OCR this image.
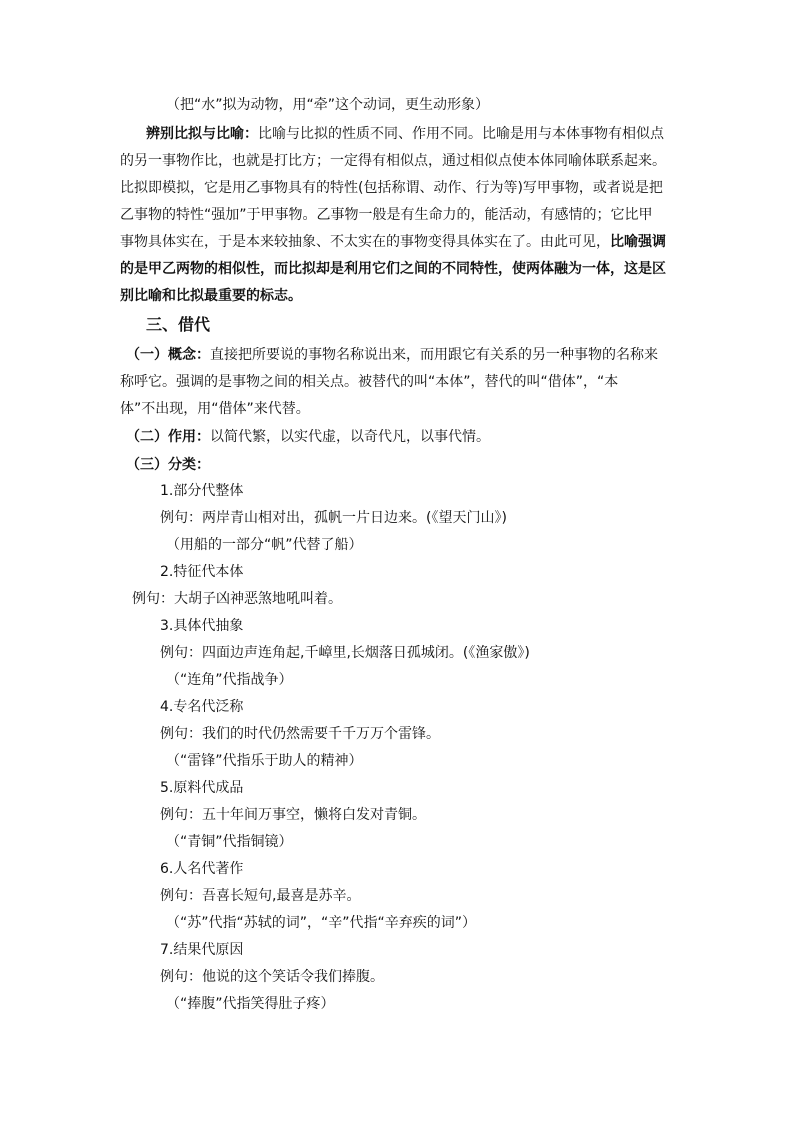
（把“水”拟为动物，用“牵”这个动词，更生动形象）

辨别比拟与比喻：比喻与比拟的性质不同、作用不同。比喻是用与本体事物有相似点

的另一事物作比，也就是打比方；一定得有相似点，通过相似点使本体同喻体联系起来。

比拟即模拟，它是用乙事物具有的特性(包括称谓、动作、行为等)写甲事物，或者说是把

乙事物的特性“强加”于甲事物。乙事物一般是有生命力的，能活动，有感情的；它比甲

事物具体实在，于是本来较抽象、不太实在的事物变得具体实在了。由此可见，比喻强调

的是甲乙两物的相似性，而比拟却是利用它们之间的不同特性，使两体融为一体，这是区

别比喻和比拟最重要的标志。

三、借代

（一）概念：直接把所要说的事物名称说出来，而用跟它有关系的另一种事物的名称来

称呼它。强调的是事物之间的相关点。被替代的叫“本体”，替代的叫“借体”，“本

体”不出现，用“借体”来代替。

（二）作用：以简代繁，以实代虚，以奇代凡，以事代情。

（三）分类：

1.部分代整体

例句：两岸青山相对出，孤帆一片日边来。(《望天门山》)

（用船的一部分“帆”代替了船）

2.特征代本体

例句：大胡子凶神恶煞地吼叫着。

3.具体代抽象

例句：四面边声连角起,千嶂里,长烟落日孤城闭。(《渔家傲》)

（“连角”代指战争）

4.专名代泛称

例句：我们的时代仍然需要千千万万个雷锋。

（“雷锋”代指乐于助人的精神）

5.原料代成品

例句：五十年间万事空，懒将白发对青铜。

（“青铜”代指铜镜）

6.人名代著作

例句：吾喜长短句,最喜是苏辛。

（“苏”代指“苏轼的词”，“辛”代指“辛弃疾的词”）

7.结果代原因

例句：他说的这个笑话令我们捧腹。

（“捧腹”代指笑得肚子疼）
